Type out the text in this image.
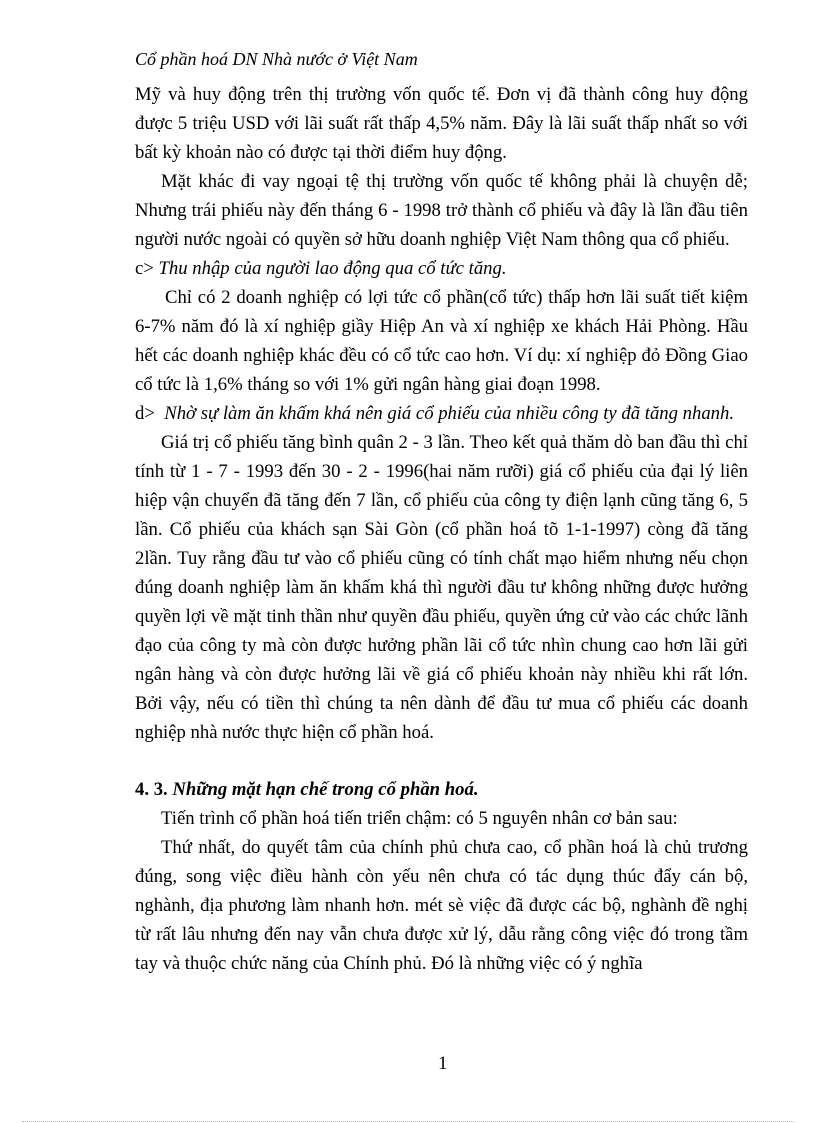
Cổ phần hoá DN Nhà nước ở Việt Nam

Mỹ và huy động trên thị trường vốn quốc tế. Đơn vị đã thành công huy động được 5 triệu USD với lãi suất rất thấp 4,5% năm. Đây là lãi suất thấp nhất so với bất kỳ khoản nào có được tại thời điểm huy động.

Mặt khác đi vay ngoại tệ thị trường vốn quốc tế không phải là chuyện dễ; Nhưng trái phiếu này đến tháng 6 - 1998 trở thành cổ phiếu và đây là lần đầu tiên người nước ngoài có quyền sở hữu doanh nghiệp Việt Nam thông qua cổ phiếu.

c> Thu nhập của người lao động qua cổ tức tăng.

Chỉ có 2 doanh nghiệp có lợi tức cổ phần(cổ tức) thấp hơn lãi suất tiết kiệm 6-7% năm đó là xí nghiệp giầy Hiệp An và xí nghiệp xe khách Hải Phòng. Hầu hết các doanh nghiệp khác đều có cổ tức cao hơn. Ví dụ: xí nghiệp đỏ Đồng Giao cổ tức là 1,6% tháng so với 1% gửi ngân hàng giai đoạn 1998.

d> Nhờ sự làm ăn khấm khá nên giá cổ phiếu của nhiều công ty đã tăng nhanh.

Giá trị cổ phiếu tăng bình quân 2 - 3 lần. Theo kết quả thăm dò ban đầu thì chỉ tính từ 1 - 7 - 1993 đến 30 - 2 - 1996(hai năm rưỡi) giá cổ phiếu của đại lý liên hiệp vận chuyển đã tăng đến 7 lần, cổ phiếu của công ty điện lạnh cũng tăng 6, 5 lần. Cổ phiếu của khách sạn Sài Gòn (cổ phần hoá tõ 1-1-1997) còng đã tăng 2lần. Tuy rằng đầu tư vào cổ phiếu cũng có tính chất mạo hiểm nhưng nếu chọn đúng doanh nghiệp làm ăn khấm khá thì người đầu tư không những được hưởng quyền lợi về mặt tinh thần như quyền đầu phiếu, quyền ứng cử vào các chức lãnh đạo của công ty mà còn được hưởng phần lãi cổ tức nhìn chung cao hơn lãi gửi ngân hàng và còn được hưởng lãi về giá cổ phiếu khoản này nhiều khi rất lớn. Bởi vậy, nếu có tiền thì chúng ta nên dành để đầu tư mua cổ phiếu các doanh nghiệp nhà nước thực hiện cổ phần hoá.

4. 3. Những mặt hạn chế trong cổ phần hoá.

Tiến trình cổ phần hoá tiến triển chậm: có 5 nguyên nhân cơ bản sau:

Thứ nhất, do quyết tâm của chính phủ chưa cao, cổ phần hoá là chủ trương đúng, song việc điều hành còn yếu nên chưa có tác dụng thúc đẩy cán bộ, nghành, địa phương làm nhanh hơn. mét sè việc đã được các bộ, nghành đề nghị từ rất lâu nhưng đến nay vẫn chưa được xử lý, dẫu rằng công việc đó trong tầm tay và thuộc chức năng của Chính phủ. Đó là những việc có ý nghĩa

1
